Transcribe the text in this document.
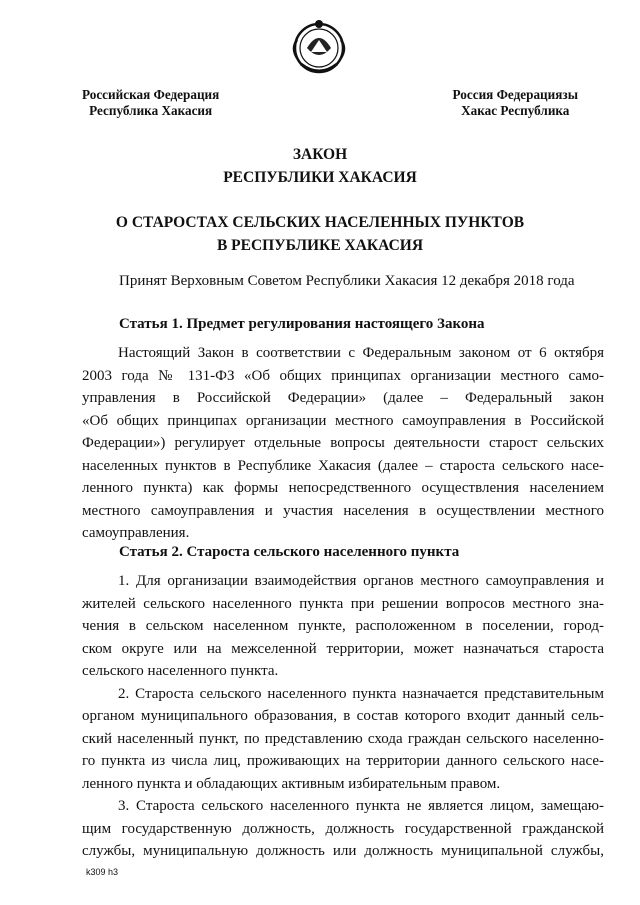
Российская Федерация
Республика Хакасия
Россия Федерациязы
Хакас Республика
ЗАКОН
РЕСПУБЛИКИ ХАКАСИЯ
О СТАРОСТАХ СЕЛЬСКИХ НАСЕЛЕННЫХ ПУНКТОВ
В РЕСПУБЛИКЕ ХАКАСИЯ
Принят Верховным Советом Республики Хакасия 12 декабря 2018 года
Статья 1. Предмет регулирования настоящего Закона
Настоящий Закон в соответствии с Федеральным законом от 6 октября
2003 года № 131-ФЗ «Об общих принципах организации местного само-
управления в Российской Федерации» (далее – Федеральный закон
«Об общих принципах организации местного самоуправления в Российской
Федерации») регулирует отдельные вопросы деятельности старост сельских
населенных пунктов в Республике Хакасия (далее – староста сельского насе-
ленного пункта) как формы непосредственного осуществления населением
местного самоуправления и участия населения в осуществлении местного
самоуправления.
Статья 2. Староста сельского населенного пункта
1. Для организации взаимодействия органов местного самоуправления и
жителей сельского населенного пункта при решении вопросов местного зна-
чения в сельском населенном пункте, расположенном в поселении, город-
ском округе или на межселенной территории, может назначаться староста
сельского населенного пункта.
2. Староста сельского населенного пункта назначается представительным
органом муниципального образования, в состав которого входит данный сель-
ский населенный пункт, по представлению схода граждан сельского населенно-
го пункта из числа лиц, проживающих на территории данного сельского насе-
ленного пункта и обладающих активным избирательным правом.
3. Староста сельского населенного пункта не является лицом, замещаю-
щим государственную должность, должность государственной гражданской
службы, муниципальную должность или должность муниципальной службы,
k309 h3
